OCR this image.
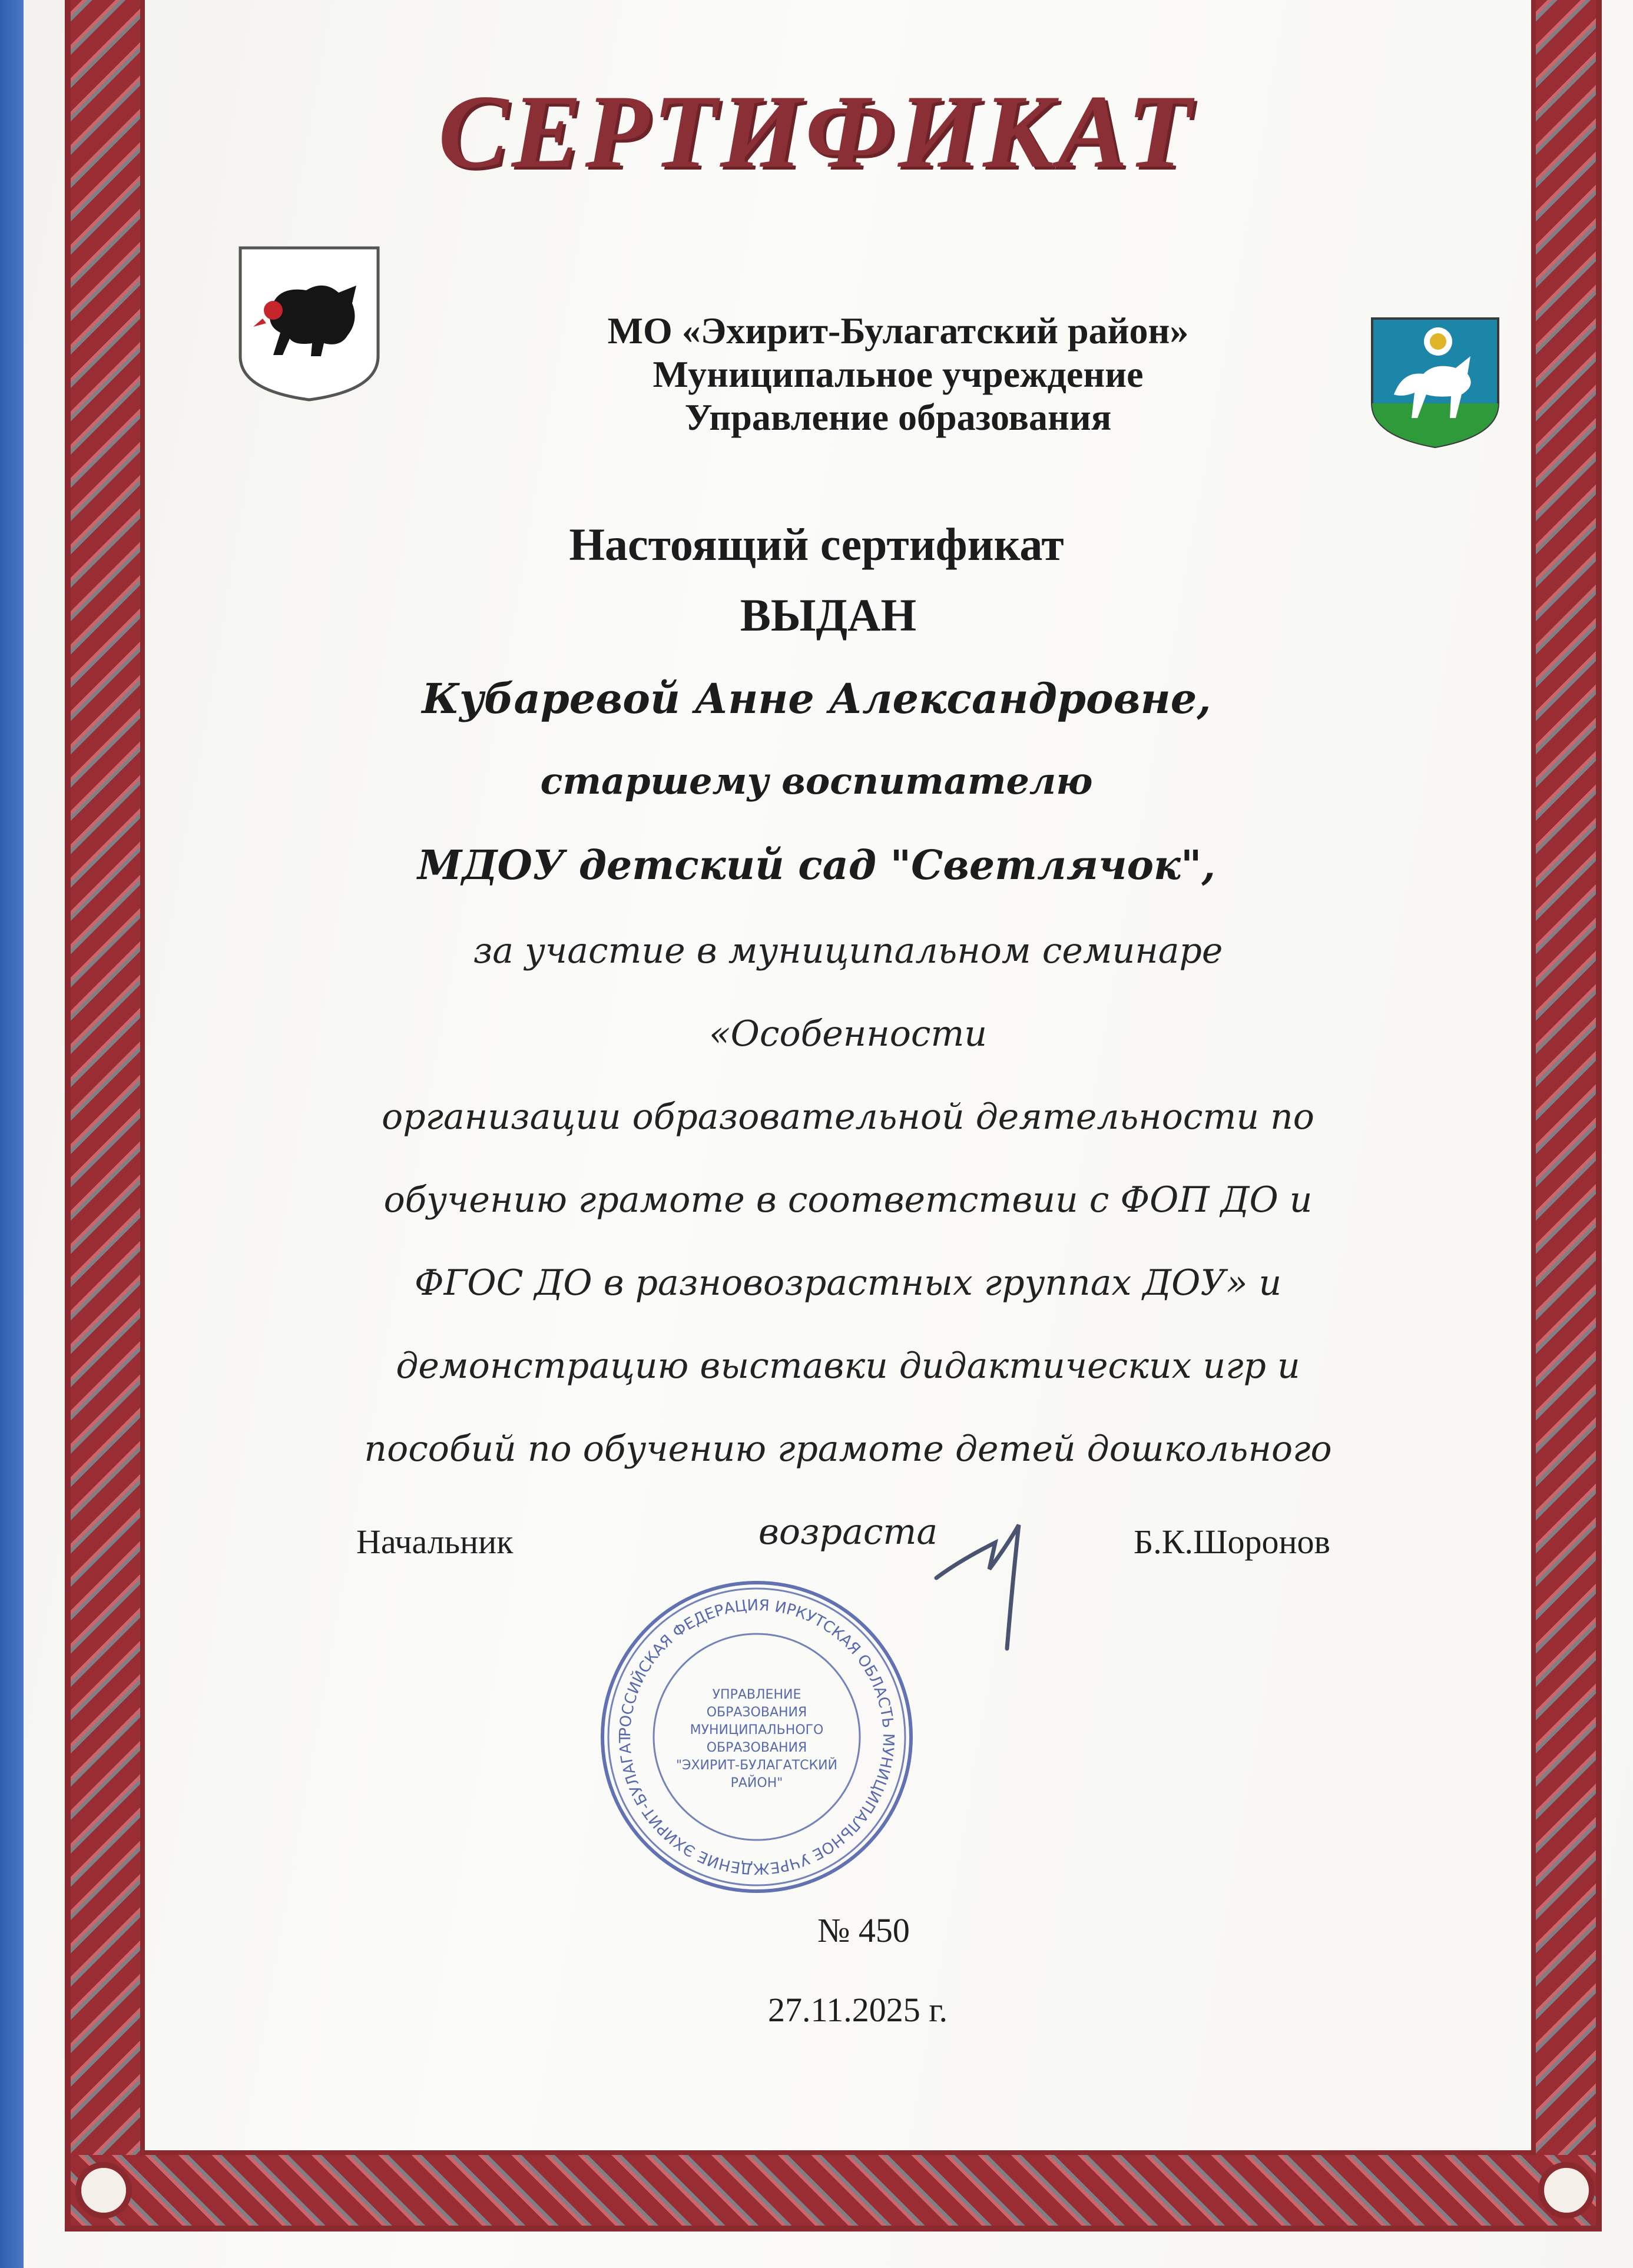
СЕРТИФИКАТ
МО «Эхирит-Булагатский район»
Муниципальное учреждение
Управление образования
Настоящий сертификат
ВЫДАН
Кубаревой Анне Александровне,
старшему воспитателю
МДОУ детский сад "Светлячок",
за участие в муниципальном семинаре «Особенности
организации образовательной деятельности по
обучению грамоте в соответствии с ФОП ДО и
ФГОС ДО в разновозрастных группах ДОУ» и
демонстрацию выставки дидактических игр и
пособий по обучению грамоте детей дошкольного
возраста
Начальник	Б.К.Шоронов
РОССИЙСКАЯ ФЕДЕРАЦИЯ ИРКУТСКАЯ ОБЛАСТЬ МУНИЦИПАЛЬНОЕ УЧРЕЖДЕНИЕ ЭХИРИТ-БУЛАГАТ
УПРАВЛЕНИЕ
ОБРАЗОВАНИЯ
МУНИЦИПАЛЬНОГО
ОБРАЗОВАНИЯ
"ЭХИРИТ-БУЛАГАТСКИЙ
РАЙОН"
№ 450
27.11.2025 г.
